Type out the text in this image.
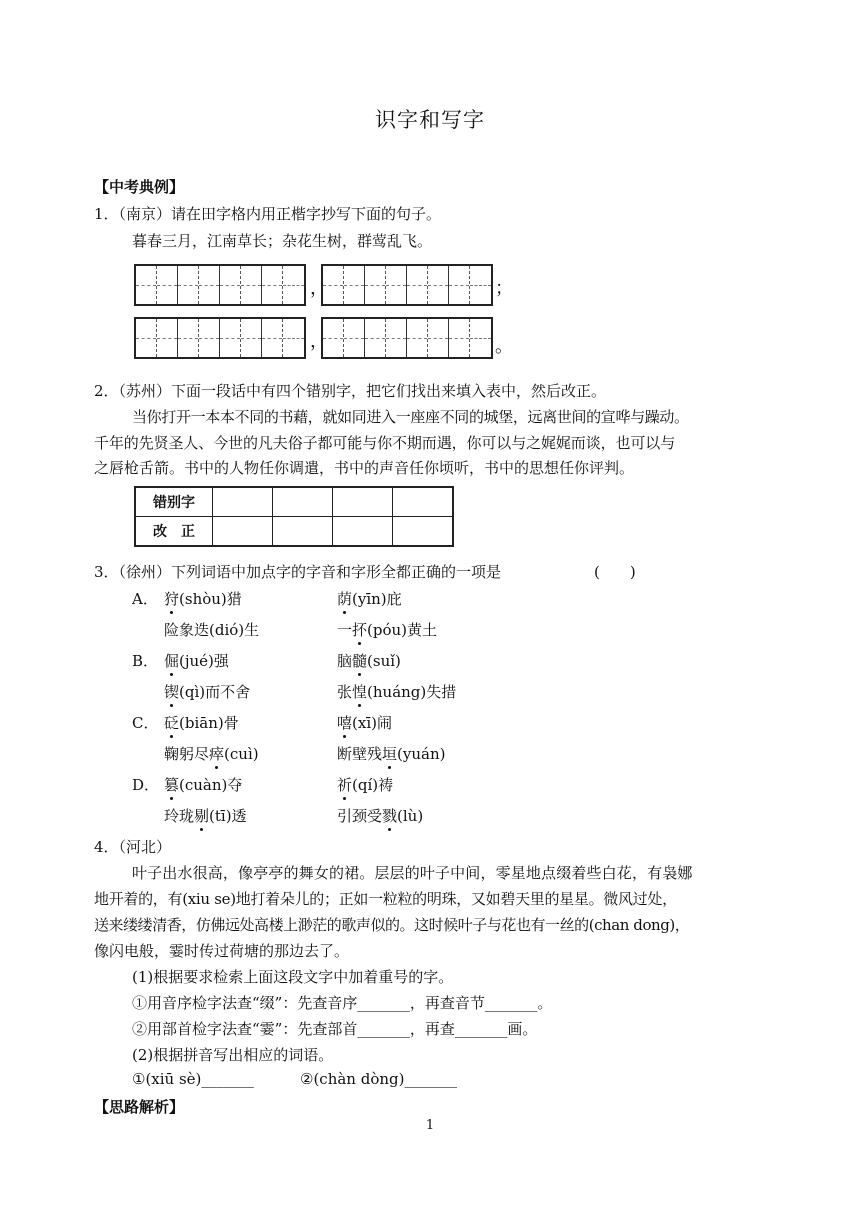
识字和写字
【中考典例】
1．（南京）请在田字格内用正楷字抄写下面的句子。
暮春三月，江南草长；杂花生树，群莺乱飞。
，	；
，	。
2．（苏州）下面一段话中有四个错别字，把它们找出来填入表中，然后改正。
当你打开一本本不同的书藉，就如同进入一座座不同的城堡，远离世间的宣哗与躁动。
千年的先贤圣人、今世的凡夫俗子都可能与你不期而遇，你可以与之娓娓而谈，也可以与
之唇枪舌箭。书中的人物任你调遣，书中的声音任你顷听，书中的思想任你评判。
错别字				
改　正				
3．（徐州）下列词语中加点字的字音和字形全都正确的一项是	(　　)
A． 狩(shòu)猎	荫(yīn)庇
险象迭(dió)生	一抔(póu)黄土
B． 倔(jué)强	脑髓(suǐ)
锲(qì)而不舍	张惶(huáng)失措
C． 砭(biān)骨	嘻(xī)闹
鞠躬尽瘁(cuì)	断壁残垣(yuán)
D． 篡(cuàn)夺	祈(qí)祷
玲珑剔(tī)透	引颈受戮(lù)
4．（河北）
叶子出水很高，像亭亭的舞女的裙。层层的叶子中间，零星地点缀着些白花，有袅娜
地开着的，有(xiu se)地打着朵儿的；正如一粒粒的明珠，又如碧天里的星星。微风过处，
送来缕缕清香，仿佛远处高楼上渺茫的歌声似的。这时候叶子与花也有一丝的(chan dong)，
像闪电般，霎时传过荷塘的那边去了。
(1)根据要求检索上面这段文字中加着重号的字。
①用音序检字法查“缀”：先查音序_______，再查音节_______。
②用部首检字法查“霎”：先查部首_______，再查_______画。
(2)根据拼音写出相应的词语。
①(xiū sè)_______	②(chàn dòng)_______
【思路解析】
1
